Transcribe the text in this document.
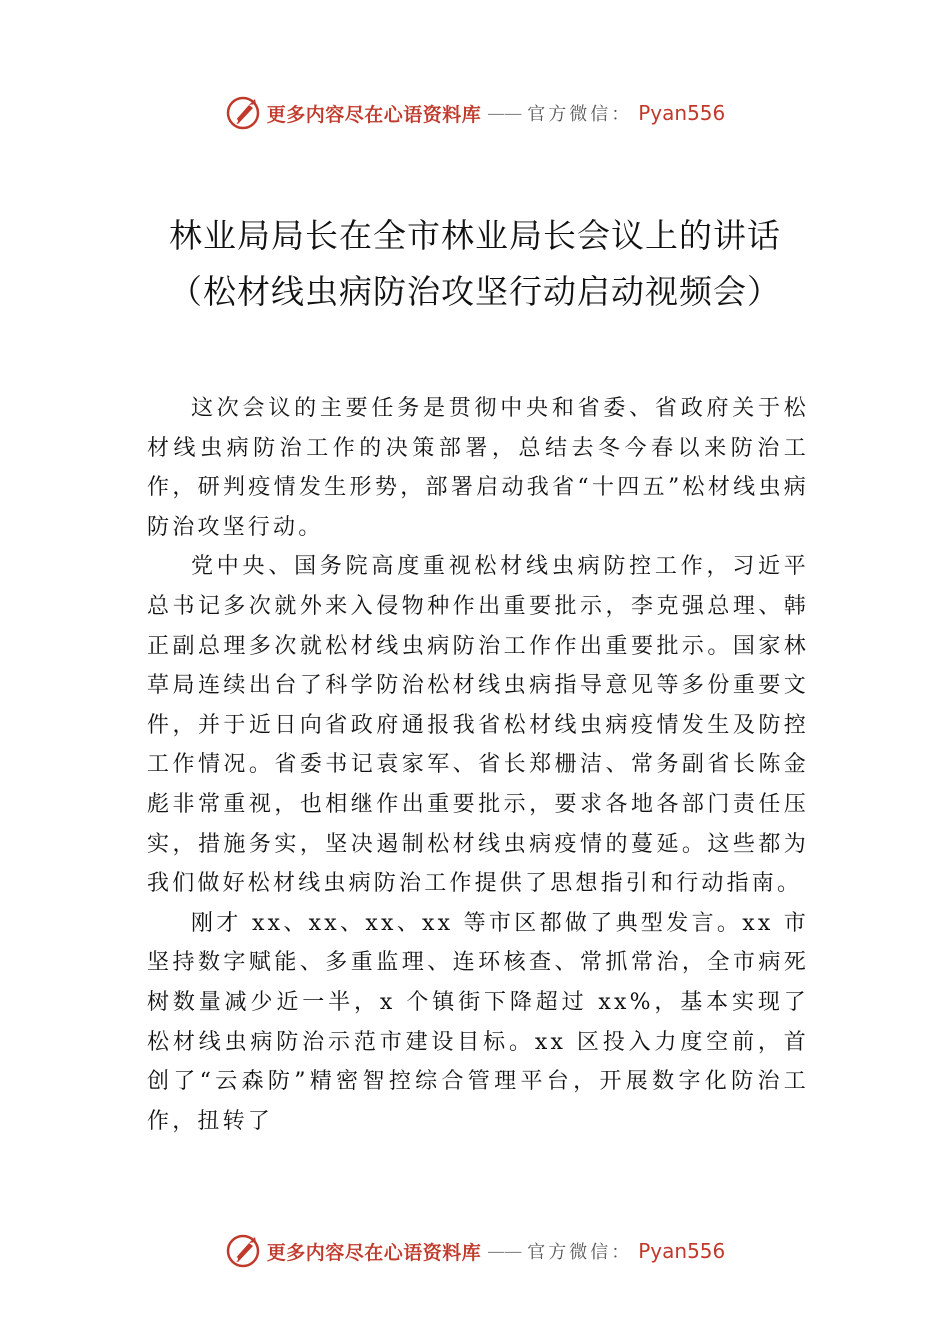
更多内容尽在心语资料库 —— 官方微信： Pyan556
林业局局长在全市林业局长会议上的讲话
（松材线虫病防治攻坚行动启动视频会）

这次会议的主要任务是贯彻中央和省委、省政府关于松材线虫病防治工作的决策部署，总结去冬今春以来防治工作，研判疫情发生形势，部署启动我省“十四五”松材线虫病防治攻坚行动。

党中央、国务院高度重视松材线虫病防控工作，习近平总书记多次就外来入侵物种作出重要批示，李克强总理、韩正副总理多次就松材线虫病防治工作作出重要批示。国家林草局连续出台了科学防治松材线虫病指导意见等多份重要文件，并于近日向省政府通报我省松材线虫病疫情发生及防控工作情况。省委书记袁家军、省长郑栅洁、常务副省长陈金彪非常重视，也相继作出重要批示，要求各地各部门责任压实，措施务实，坚决遏制松材线虫病疫情的蔓延。这些都为我们做好松材线虫病防治工作提供了思想指引和行动指南。

刚才 xx、xx、xx、xx 等市区都做了典型发言。xx 市坚持数字赋能、多重监理、连环核查、常抓常治，全市病死树数量减少近一半，x 个镇街下降超过 xx%，基本实现了松材线虫病防治示范市建设目标。xx 区投入力度空前，首创了“云森防”精密智控综合管理平台，开展数字化防治工作，扭转了

更多内容尽在心语资料库 —— 官方微信： Pyan556
